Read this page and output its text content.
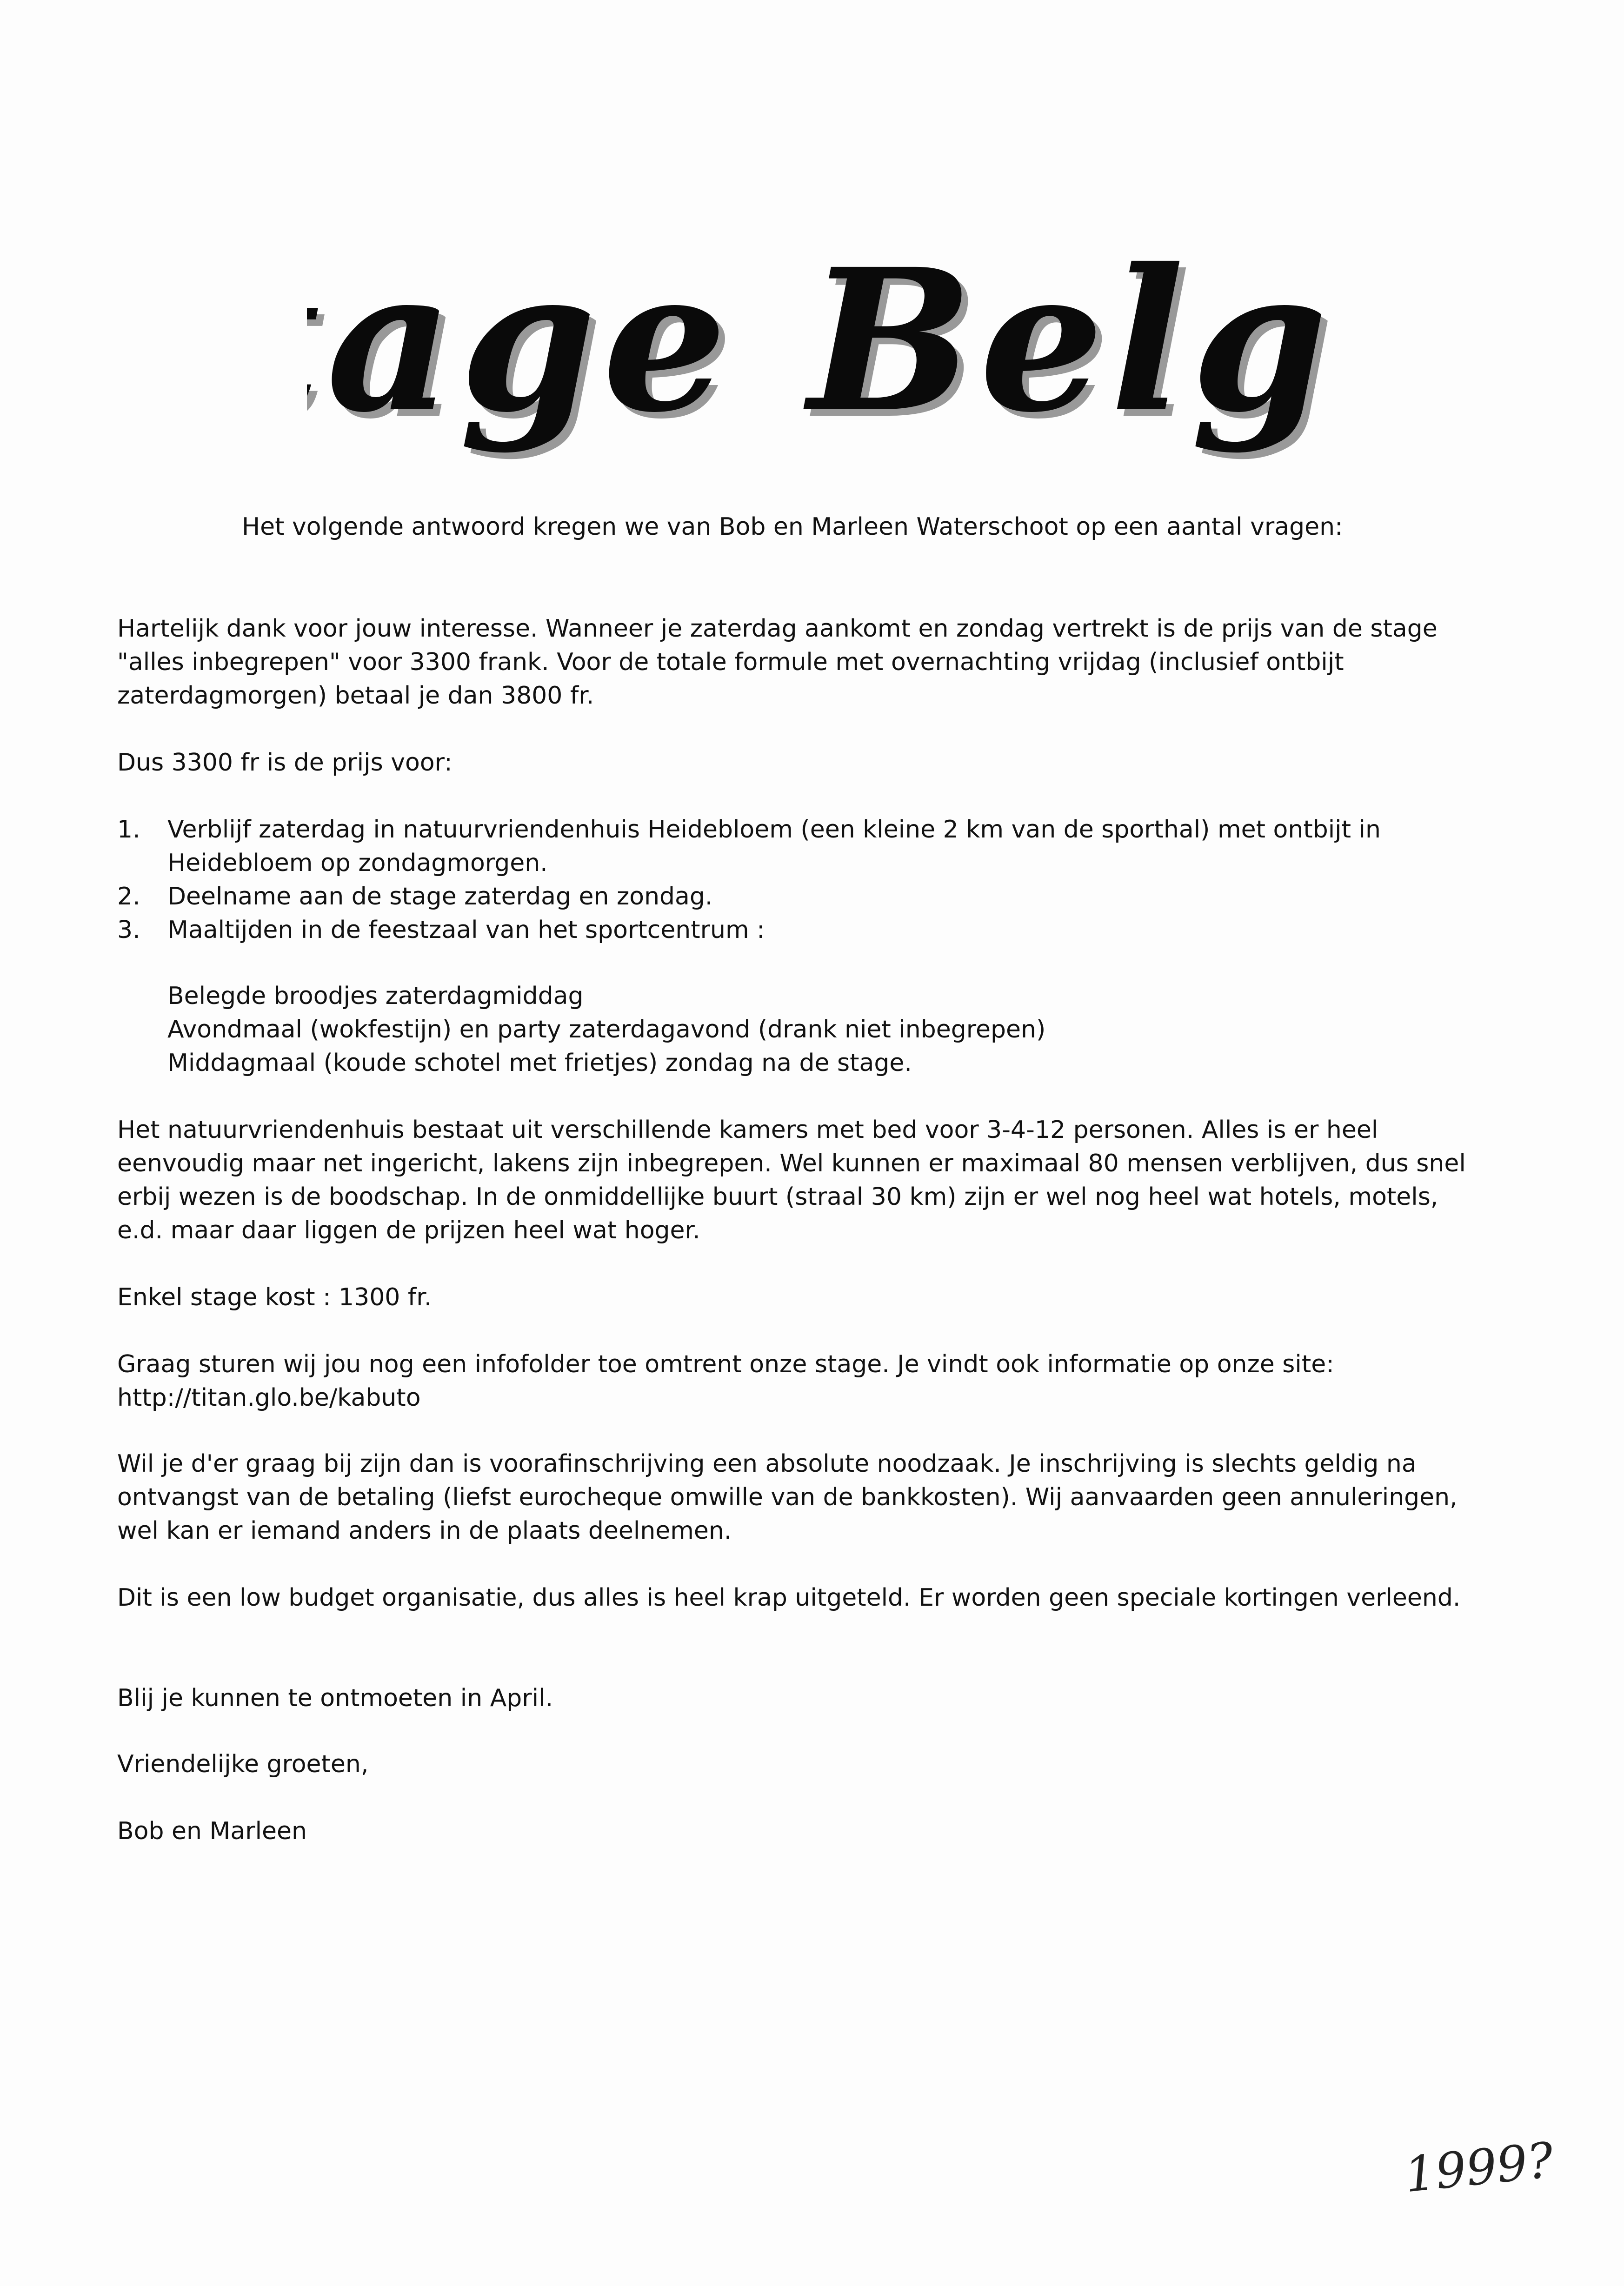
age Belg
age Belg
Het volgende antwoord kregen we van Bob en Marleen Waterschoot op een aantal vragen:

Hartelijk dank voor jouw interesse. Wanneer je zaterdag aankomt en zondag vertrekt is de prijs van de stage "alles inbegrepen" voor 3300 frank. Voor de totale formule met overnachting vrijdag (inclusief ontbijt zaterdagmorgen) betaal je dan 3800 fr.

Dus 3300 fr is de prijs voor:

1.	Verblijf zaterdag in natuurvriendenhuis Heidebloem (een kleine 2 km van de sporthal) met ontbijt in Heidebloem op zondagmorgen.
2.	Deelname aan de stage zaterdag en zondag.
3.	Maaltijden in de feestzaal van het sportcentrum :
Belegde broodjes zaterdagmiddag
Avondmaal (wokfestijn) en party zaterdagavond (drank niet inbegrepen)
Middagmaal (koude schotel met frietjes) zondag na de stage.

Het natuurvriendenhuis bestaat uit verschillende kamers met bed voor 3-4-12 personen. Alles is er heel eenvoudig maar net ingericht, lakens zijn inbegrepen. Wel kunnen er maximaal 80 mensen verblijven, dus snel erbij wezen is de boodschap. In de onmiddellijke buurt (straal 30 km) zijn er wel nog heel wat hotels, motels, e.d. maar daar liggen de prijzen heel wat hoger.

Enkel stage kost : 1300 fr.

Graag sturen wij jou nog een infofolder toe omtrent onze stage. Je vindt ook informatie op onze site:

http://titan.glo.be/kabuto

Wil je d'er graag bij zijn dan is voorafinschrijving een absolute noodzaak. Je inschrijving is slechts geldig na ontvangst van de betaling (liefst eurocheque omwille van de bankkosten). Wij aanvaarden geen annuleringen, wel kan er iemand anders in de plaats deelnemen.

Dit is een low budget organisatie, dus alles is heel krap uitgeteld. Er worden geen speciale kortingen verleend.

Blij je kunnen te ontmoeten in April.

Vriendelijke groeten,

Bob en Marleen

1999?
